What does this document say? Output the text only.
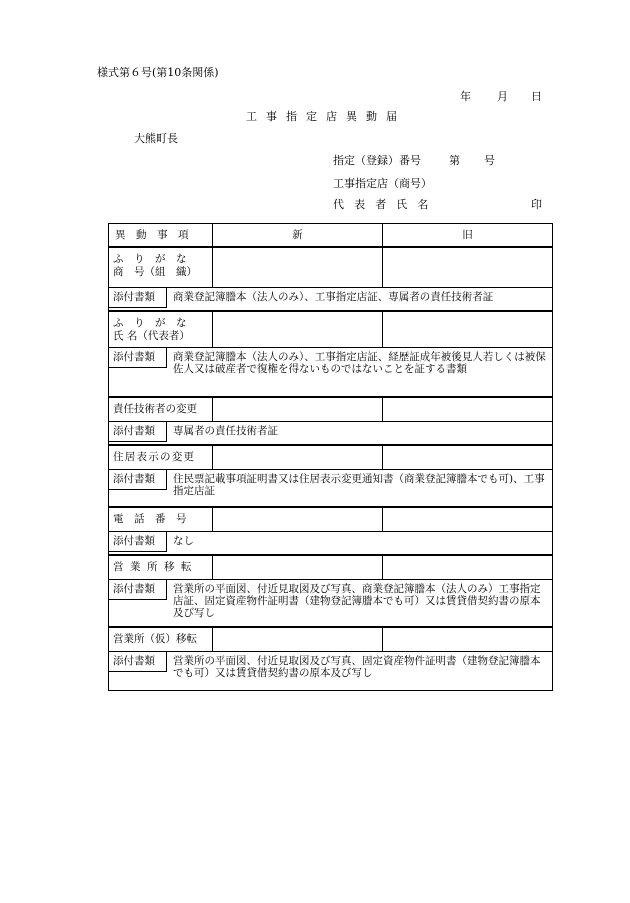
様式第６号(第10条関係)
年 月 日
工 事 指 定 店 異 動 届
大熊町長
指定（登録）番号	第 号
工事指定店（商号）
代 表 者 氏 名	印
異　動　事　項	新	旧
ふ　り　が　な
商　号（組　織）
添付書類	商業登記簿謄本（法人のみ）、工事指定店証、専属者の責任技術者証
ふ　り　が　な
氏 名（代表者）
添付書類	商業登記簿謄本（法人のみ）、工事指定店証、経歴証成年被後見人若しくは被保佐人又は破産者で復権を得ないものではないことを証する書類
責任技術者の変更
添付書類	専属者の責任技術者証
住居表示の変更
添付書類	住民票記載事項証明書又は住居表示変更通知書（商業登記簿謄本でも可)、工事指定店証
電　話　番　号
添付書類	なし
営 業 所 移 転
添付書類	営業所の平面図、付近見取図及び写真、商業登記簿謄本（法人のみ）工事指定店証、固定資産物件証明書（建物登記簿謄本でも可）又は賃貸借契約書の原本及び写し
営業所（仮）移転
添付書類	営業所の平面図、付近見取図及び写真、固定資産物件証明書（建物登記簿謄本でも可）又は賃貸借契約書の原本及び写し
